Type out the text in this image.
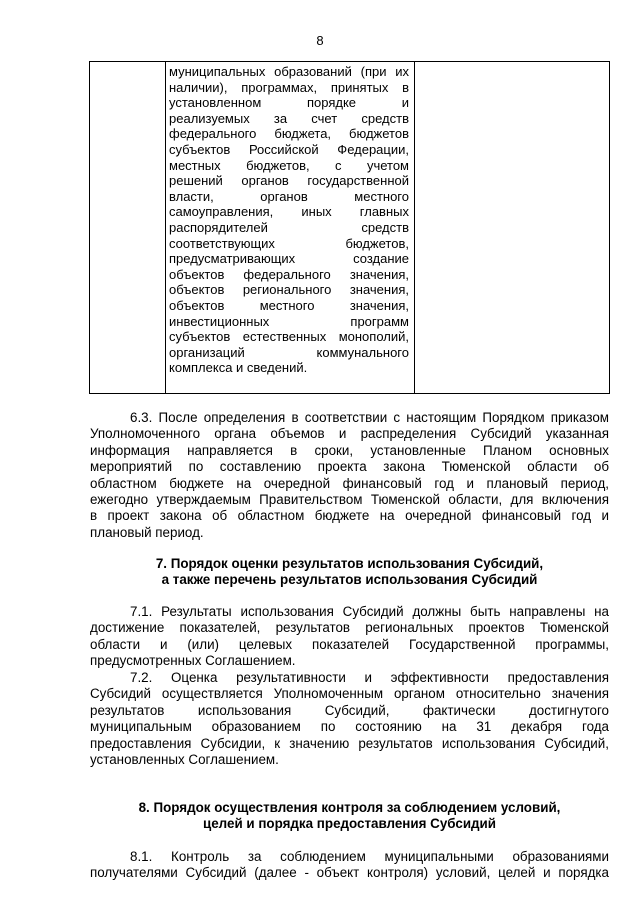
8

муниципальных образований (при их
наличии), программах, принятых в
установленном порядке и
реализуемых за счет средств
федерального бюджета, бюджетов
субъектов Российской Федерации,
местных бюджетов, с учетом
решений органов государственной
власти, органов местного
самоуправления, иных главных
распорядителей средств
соответствующих бюджетов,
предусматривающих создание
объектов федерального значения,
объектов регионального значения,
объектов местного значения,
инвестиционных программ
субъектов естественных монополий,
организаций коммунального
комплекса и сведений.

6.3. После определения в соответствии с настоящим Порядком приказом
Уполномоченного органа объемов и распределения Субсидий указанная
информация направляется в сроки, установленные Планом основных
мероприятий по составлению проекта закона Тюменской области об
областном бюджете на очередной финансовый год и плановый период,
ежегодно утверждаемым Правительством Тюменской области, для включения
в проект закона об областном бюджете на очередной финансовый год и
плановый период.
7. Порядок оценки результатов использования Субсидий,
а также перечень результатов использования Субсидий
7.1. Результаты использования Субсидий должны быть направлены на
достижение показателей, результатов региональных проектов Тюменской
области и (или) целевых показателей Государственной программы,
предусмотренных Соглашением.
7.2. Оценка результативности и эффективности предоставления
Субсидий осуществляется Уполномоченным органом относительно значения
результатов использования Субсидий, фактически достигнутого
муниципальным образованием по состоянию на 31 декабря года
предоставления Субсидии, к значению результатов использования Субсидий,
установленных Соглашением.
8. Порядок осуществления контроля за соблюдением условий,
целей и порядка предоставления Субсидий
8.1. Контроль за соблюдением муниципальными образованиями
получателями Субсидий (далее - объект контроля) условий, целей и порядка
